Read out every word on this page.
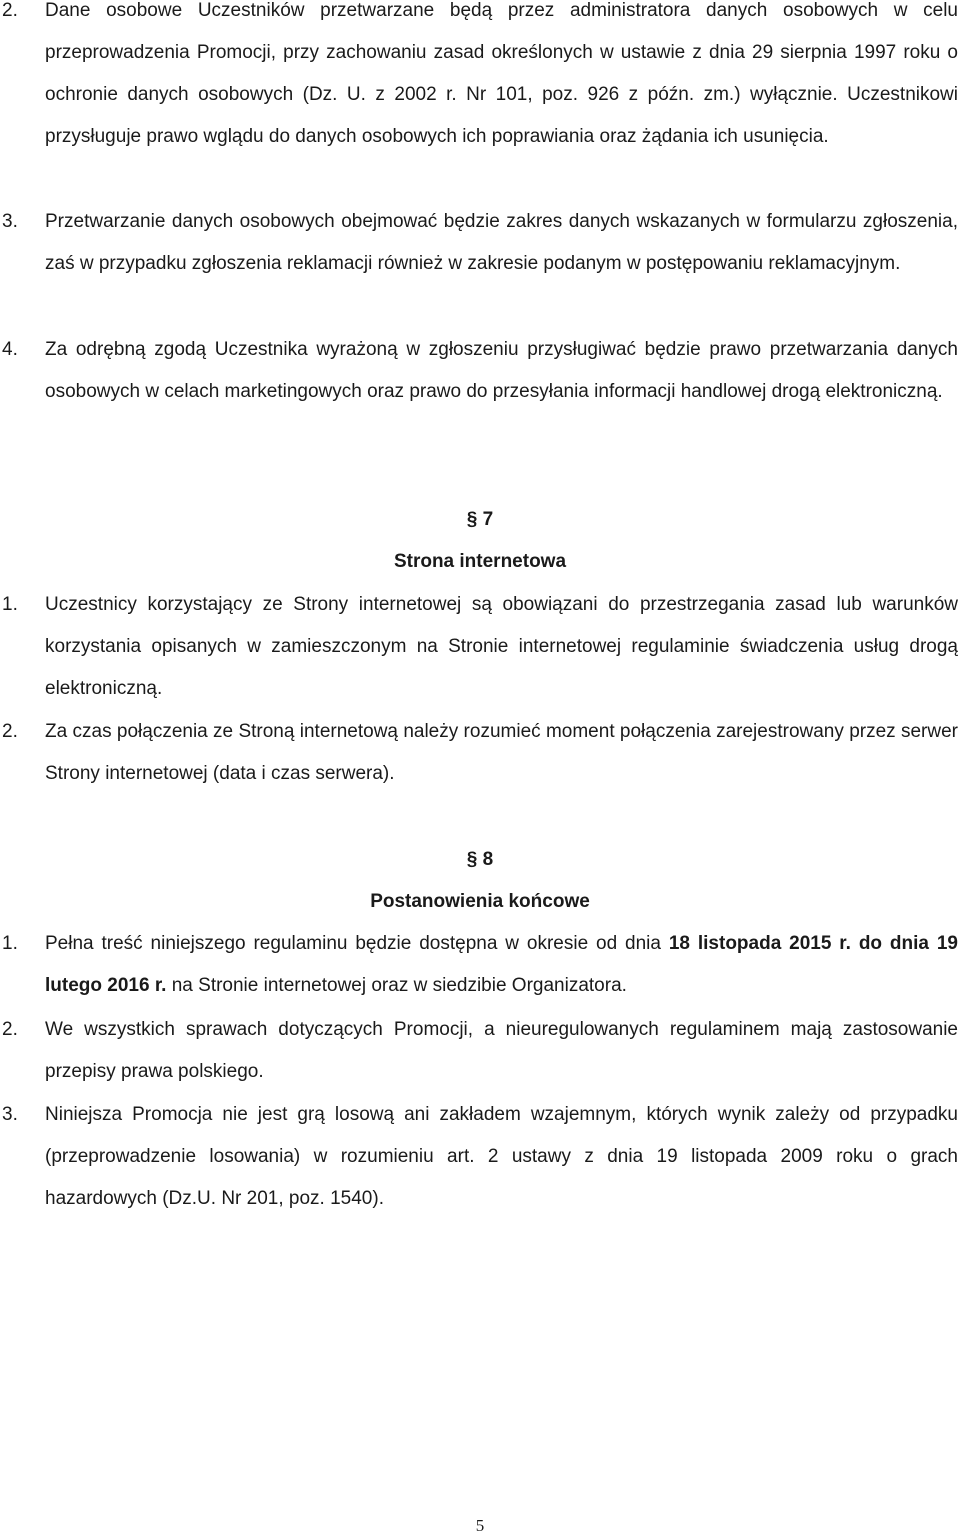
2. Dane osobowe Uczestników przetwarzane będą przez administratora danych osobowych w celu przeprowadzenia Promocji, przy zachowaniu zasad określonych w ustawie z dnia 29 sierpnia 1997 roku o ochronie danych osobowych (Dz. U. z 2002 r. Nr 101, poz. 926 z późn. zm.) wyłącznie. Uczestnikowi przysługuje prawo wglądu do danych osobowych ich poprawiania oraz żądania ich usunięcia.
3. Przetwarzanie danych osobowych obejmować będzie zakres danych wskazanych w formularzu zgłoszenia, zaś w przypadku zgłoszenia reklamacji również w zakresie podanym w postępowaniu reklamacyjnym.
4. Za odrębną zgodą Uczestnika wyrażoną w zgłoszeniu przysługiwać będzie prawo przetwarzania danych osobowych w celach marketingowych oraz prawo do przesyłania informacji handlowej drogą elektroniczną.
§ 7
Strona internetowa
1. Uczestnicy korzystający ze Strony internetowej są obowiązani do przestrzegania zasad lub warunków korzystania opisanych w zamieszczonym na Stronie internetowej regulaminie świadczenia usług drogą elektroniczną.
2. Za czas połączenia ze Stroną internetową należy rozumieć moment połączenia zarejestrowany przez serwer Strony internetowej (data i czas serwera).
§ 8
Postanowienia końcowe
1. Pełna treść niniejszego regulaminu będzie dostępna w okresie od dnia 18 listopada 2015 r. do dnia 19 lutego 2016 r. na Stronie internetowej oraz w siedzibie Organizatora.
2. We wszystkich sprawach dotyczących Promocji, a nieuregulowanych regulaminem mają zastosowanie przepisy prawa polskiego.
3. Niniejsza Promocja nie jest grą losową ani zakładem wzajemnym, których wynik zależy od przypadku (przeprowadzenie losowania) w rozumieniu art. 2 ustawy z dnia 19 listopada 2009 roku o grach hazardowych (Dz.U. Nr 201, poz. 1540).
5
